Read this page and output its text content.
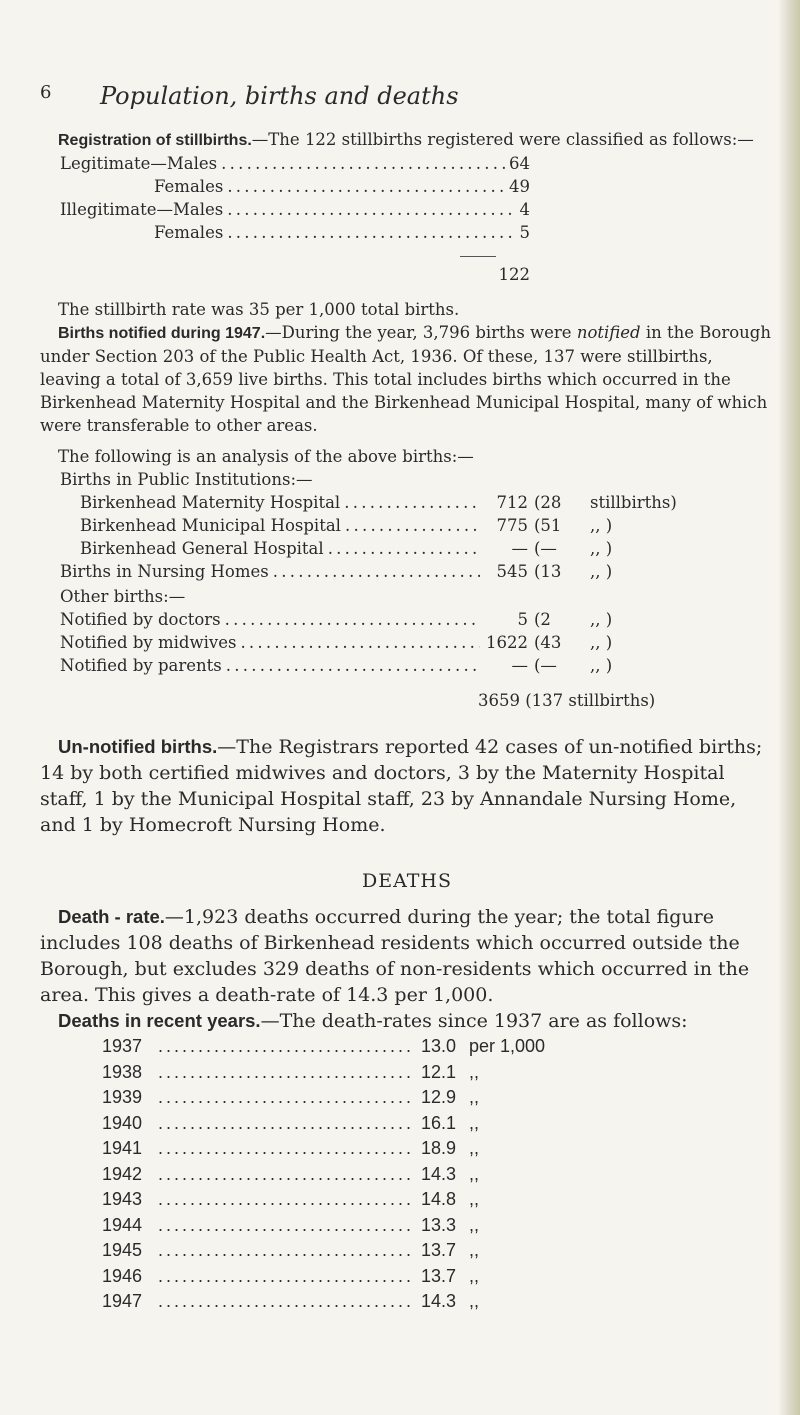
6 Population, births and deaths

Registration of stillbirths.—The 122 stillbirths registered were classified as follows:—

Legitimate—Males . . .	64
Females . . .	49
Illegitimate—Males . . .	4
Females . . .	5
122

The stillbirth rate was 35 per 1,000 total births.

Births notified during 1947.—During the year, 3,796 births were notified in the Borough under Section 203 of the Public Health Act, 1936. Of these, 137 were stillbirths, leaving a total of 3,659 live births. This total includes births which occurred in the Birkenhead Maternity Hospital and the Birkenhead Municipal Hospital, many of which were transferable to other areas.

The following is an analysis of the above births:—

Births in Public Institutions:—
Birkenhead Maternity Hospital . . .	712 (28	stillbirths)
Birkenhead Municipal Hospital . . .	775 (51	,, )
Birkenhead General Hospital . . .	— (—	,, )
Births in Nursing Homes . . .	545 (13	,, )
Other births:—
Notified by doctors . . .	5 (2	,, )
Notified by midwives . . .	1622 (43	,, )
Notified by parents . . .	— (—	,, )
3659 (137 stillbirths)

Un-notified births.—The Registrars reported 42 cases of un-notified births; 14 by both certified midwives and doctors, 3 by the Maternity Hospital staff, 1 by the Municipal Hospital staff, 23 by Annandale Nursing Home, and 1 by Homecroft Nursing Home.

DEATHS

Death - rate.—1,923 deaths occurred during the year; the total figure includes 108 deaths of Birkenhead residents which occurred outside the Borough, but excludes 329 deaths of non-residents which occurred in the area. This gives a death-rate of 14.3 per 1,000.

Deaths in recent years.—The death-rates since 1937 are as follows:

1937 . . .	13.0 per 1,000
1938 . . .	12.1 ,,
1939 . . .	12.9 ,,
1940 . . .	16.1 ,,
1941 . . .	18.9 ,,
1942 . . .	14.3 ,,
1943 . . .	14.8 ,,
1944 . . .	13.3 ,,
1945 . . .	13.7 ,,
1946 . . .	13.7 ,,
1947 . . .	14.3 ,,
